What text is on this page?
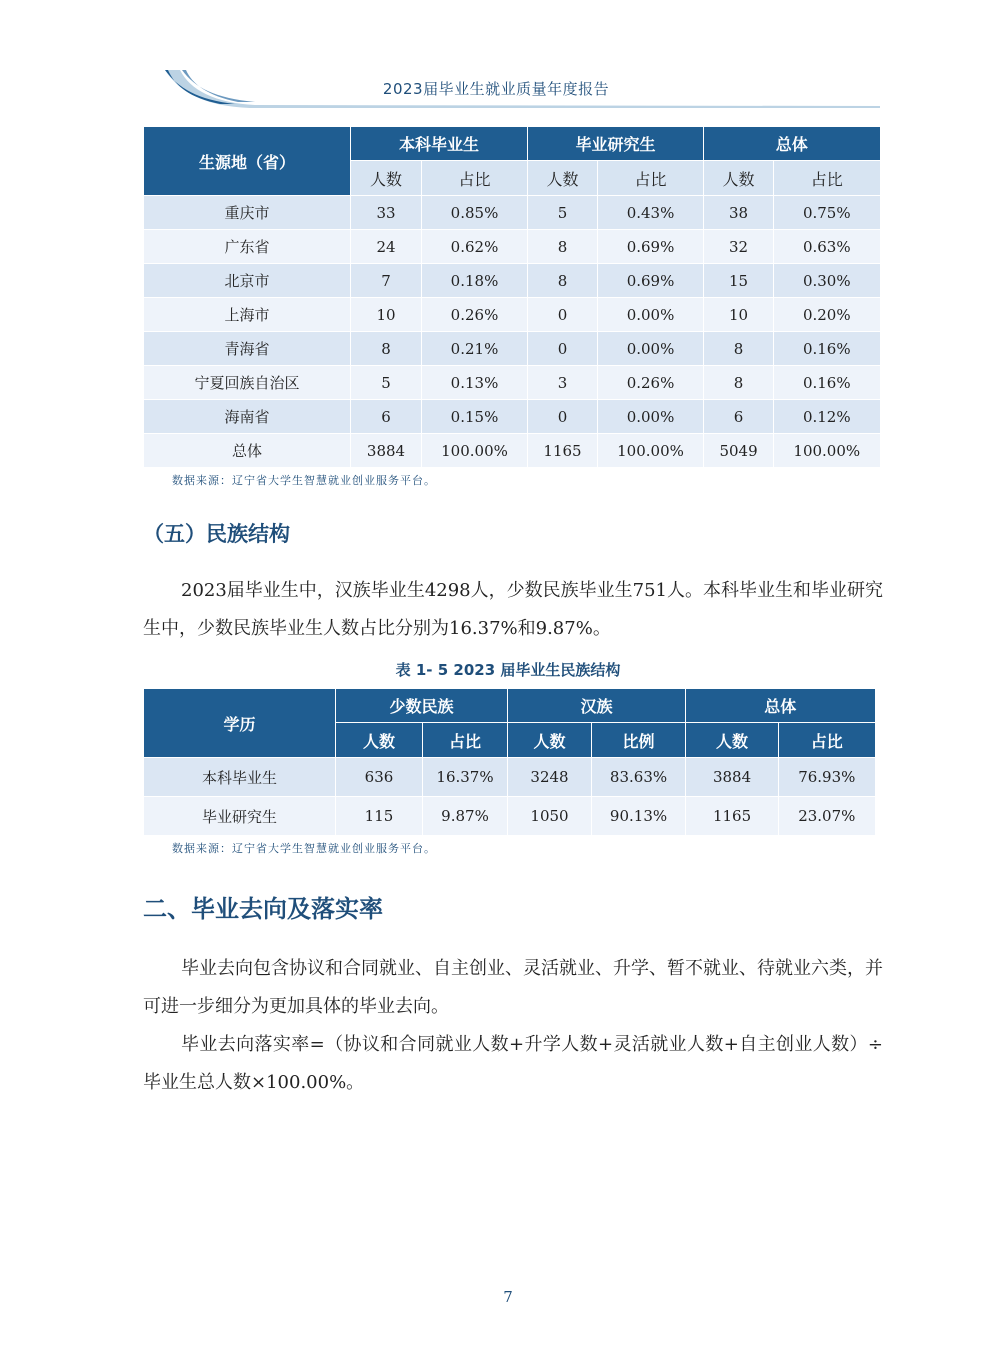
2023届毕业生就业质量年度报告
生源地（省）	本科毕业生		毕业研究生		总体	
	人数	占比	人数	占比	人数	占比
重庆市	33	0.85%	5	0.43%	38	0.75%
广东省	24	0.62%	8	0.69%	32	0.63%
北京市	7	0.18%	8	0.69%	15	0.30%
上海市	10	0.26%	0	0.00%	10	0.20%
青海省	8	0.21%	0	0.00%	8	0.16%
宁夏回族自治区	5	0.13%	3	0.26%	8	0.16%
海南省	6	0.15%	0	0.00%	6	0.12%
总体	3884	100.00%	1165	100.00%	5049	100.00%
数据来源：辽宁省大学生智慧就业创业服务平台。
（五）民族结构
2023届毕业生中，汉族毕业生4298人，少数民族毕业生751人。本科毕业生和毕业研究生中，少数民族毕业生人数占比分别为16.37%和9.87%。
表 1- 5 2023 届毕业生民族结构
学历	少数民族		汉族		总体	
	人数	占比	人数	比例	人数	占比
本科毕业生	636	16.37%	3248	83.63%	3884	76.93%
毕业研究生	115	9.87%	1050	90.13%	1165	23.07%
数据来源：辽宁省大学生智慧就业创业服务平台。
二、毕业去向及落实率
毕业去向包含协议和合同就业、自主创业、灵活就业、升学、暂不就业、待就业六类，并可进一步细分为更加具体的毕业去向。
毕业去向落实率=（协议和合同就业人数+升学人数+灵活就业人数+自主创业人数）÷毕业生总人数×100.00%。
7
